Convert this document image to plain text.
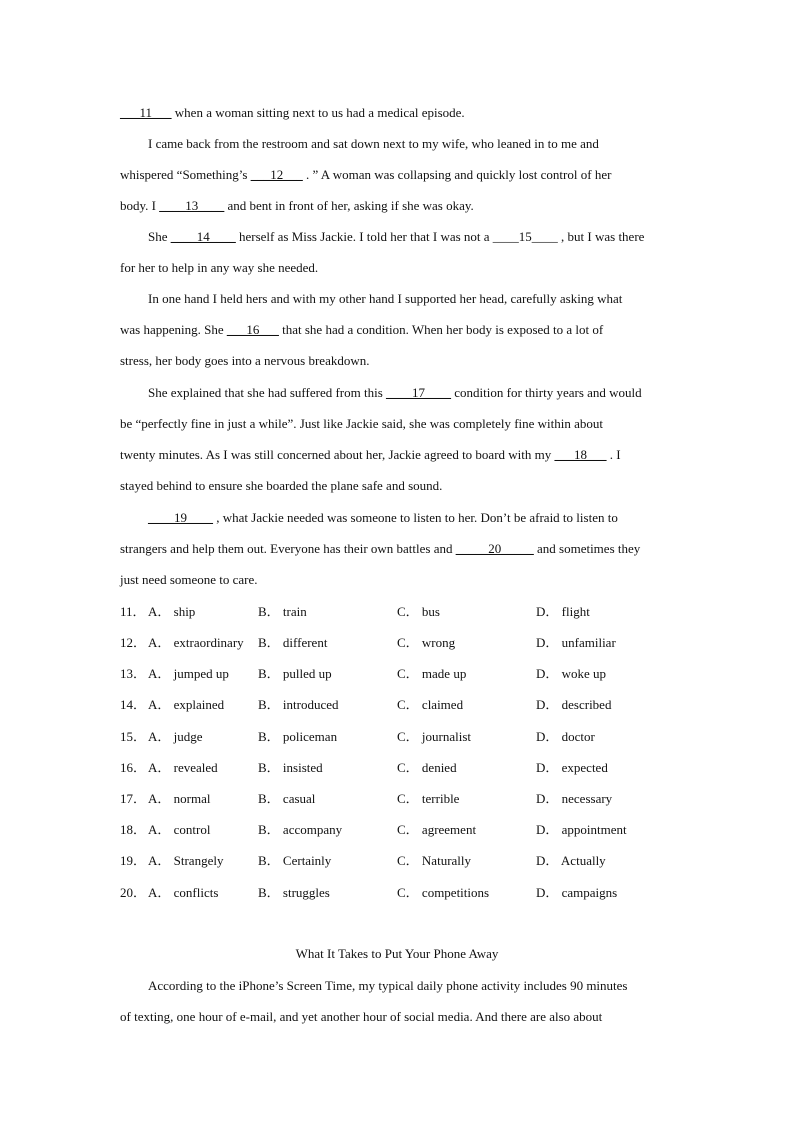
___11___ when a woman sitting next to us had a medical episode.
I came back from the restroom and sat down next to my wife, who leaned in to me and
whispered “Something’s ___12___ . ” A woman was collapsing and quickly lost control of her
body. I ____13____ and bent in front of her, asking if she was okay.
She ____14____ herself as Miss Jackie. I told her that I was not a ____15____ , but I was there
for her to help in any way she needed.
In one hand I held hers and with my other hand I supported her head, carefully asking what
was happening. She ___16___ that she had a condition. When her body is exposed to a lot of
stress, her body goes into a nervous breakdown.
She explained that she had suffered from this ____17____ condition for thirty years and would
be “perfectly fine in just a while”. Just like Jackie said, she was completely fine within about
twenty minutes. As I was still concerned about her, Jackie agreed to board with my ___18___ . I
stayed behind to ensure she boarded the plane safe and sound.
____19____ , what Jackie needed was someone to listen to her. Don’t be afraid to listen to
strangers and help them out. Everyone has their own battles and _____20_____ and sometimes they
just need someone to care.
11． A． ship	B． train	C． bus	D． flight
12． A． extraordinary B． different	C． wrong	D． unfamiliar
13． A． jumped up B． pulled up	C． made up	D． woke up
14． A． explained	B． introduced	C． claimed	D． described
15． A． judge	B． policeman	C． journalist	D． doctor
16． A． revealed	B． insisted	C． denied	D． expected
17． A． normal	B． casual	C． terrible	D． necessary
18． A． control	B． accompany	C． agreement	D． appointment
19． A． Strangely	B． Certainly	C． Naturally	D． Actually
20． A． conflicts	B． struggles	C． competitions	D． campaigns
What It Takes to Put Your Phone Away
According to the iPhone’s Screen Time, my typical daily phone activity includes 90 minutes
of texting, one hour of e-mail, and yet another hour of social media. And there are also about
